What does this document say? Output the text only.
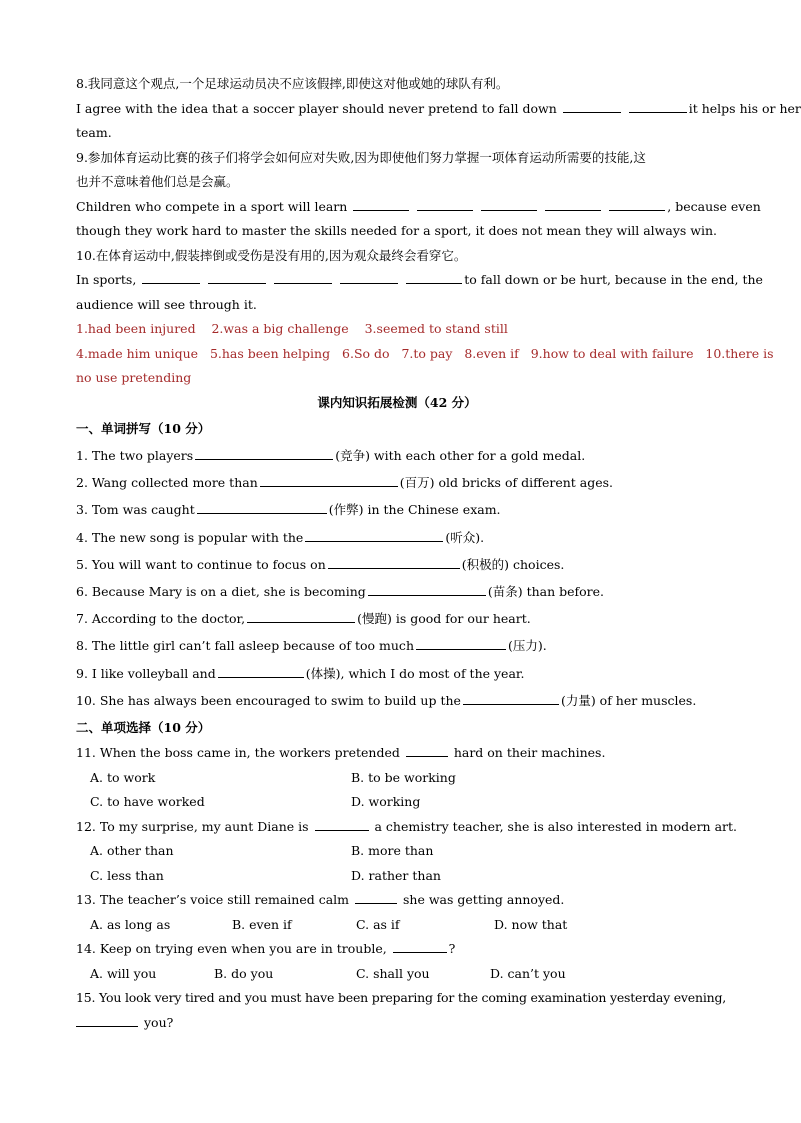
8.我同意这个观点,一个足球运动员决不应该假摔,即使这对他或她的球队有利。
I agree with the idea that a soccer player should never pretend to fall down	it helps his or her
team.
9.参加体育运动比赛的孩子们将学会如何应对失败,因为即使他们努力掌握一项体育运动所需要的技能,这
也并不意味着他们总是会赢。
Children who compete in a sport will learn	, because even
though they work hard to master the skills needed for a sport, it does not mean they will always win.
10.在体育运动中,假装摔倒或受伤是没有用的,因为观众最终会看穿它。
In sports,	to fall down or be hurt, because in the end, the
audience will see through it.
1.had been injured 2.was a big challenge 3.seemed to stand still
4.made him unique 5.has been helping 6.So do 7.to pay 8.even if 9.how to deal with failure 10.there is
no use pretending
课内知识拓展检测（42 分）
一、单词拼写（10 分）
1. The two players	(竞争) with each other for a gold medal.
2. Wang collected more than	(百万) old bricks of different ages.
3. Tom was caught	(作弊) in the Chinese exam.
4. The new song is popular with the	(听众).
5. You will want to continue to focus on	(积极的) choices.
6. Because Mary is on a diet, she is becoming	(苗条) than before.
7. According to the doctor,	(慢跑) is good for our heart.
8. The little girl can’t fall asleep because of too much	(压力).
9. I like volleyball and	(体操), which I do most of the year.
10. She has always been encouraged to swim to build up the	(力量) of her muscles.
二、单项选择（10 分）
11. When the boss came in, the workers pretended	hard on their machines.
A. to work	B. to be working
C. to have worked	D. working
12. To my surprise, my aunt Diane is	a chemistry teacher, she is also interested in modern art.
A. other than	B. more than
C. less than	D. rather than
13. The teacher’s voice still remained calm	she was getting annoyed.
A. as long as	B. even if	C. as if	D. now that
14. Keep on trying even when you are in trouble,	?
A. will you	B. do you	C. shall you	D. can’t you
15. You look very tired and you must have been preparing for the coming examination yesterday evening,
you?
